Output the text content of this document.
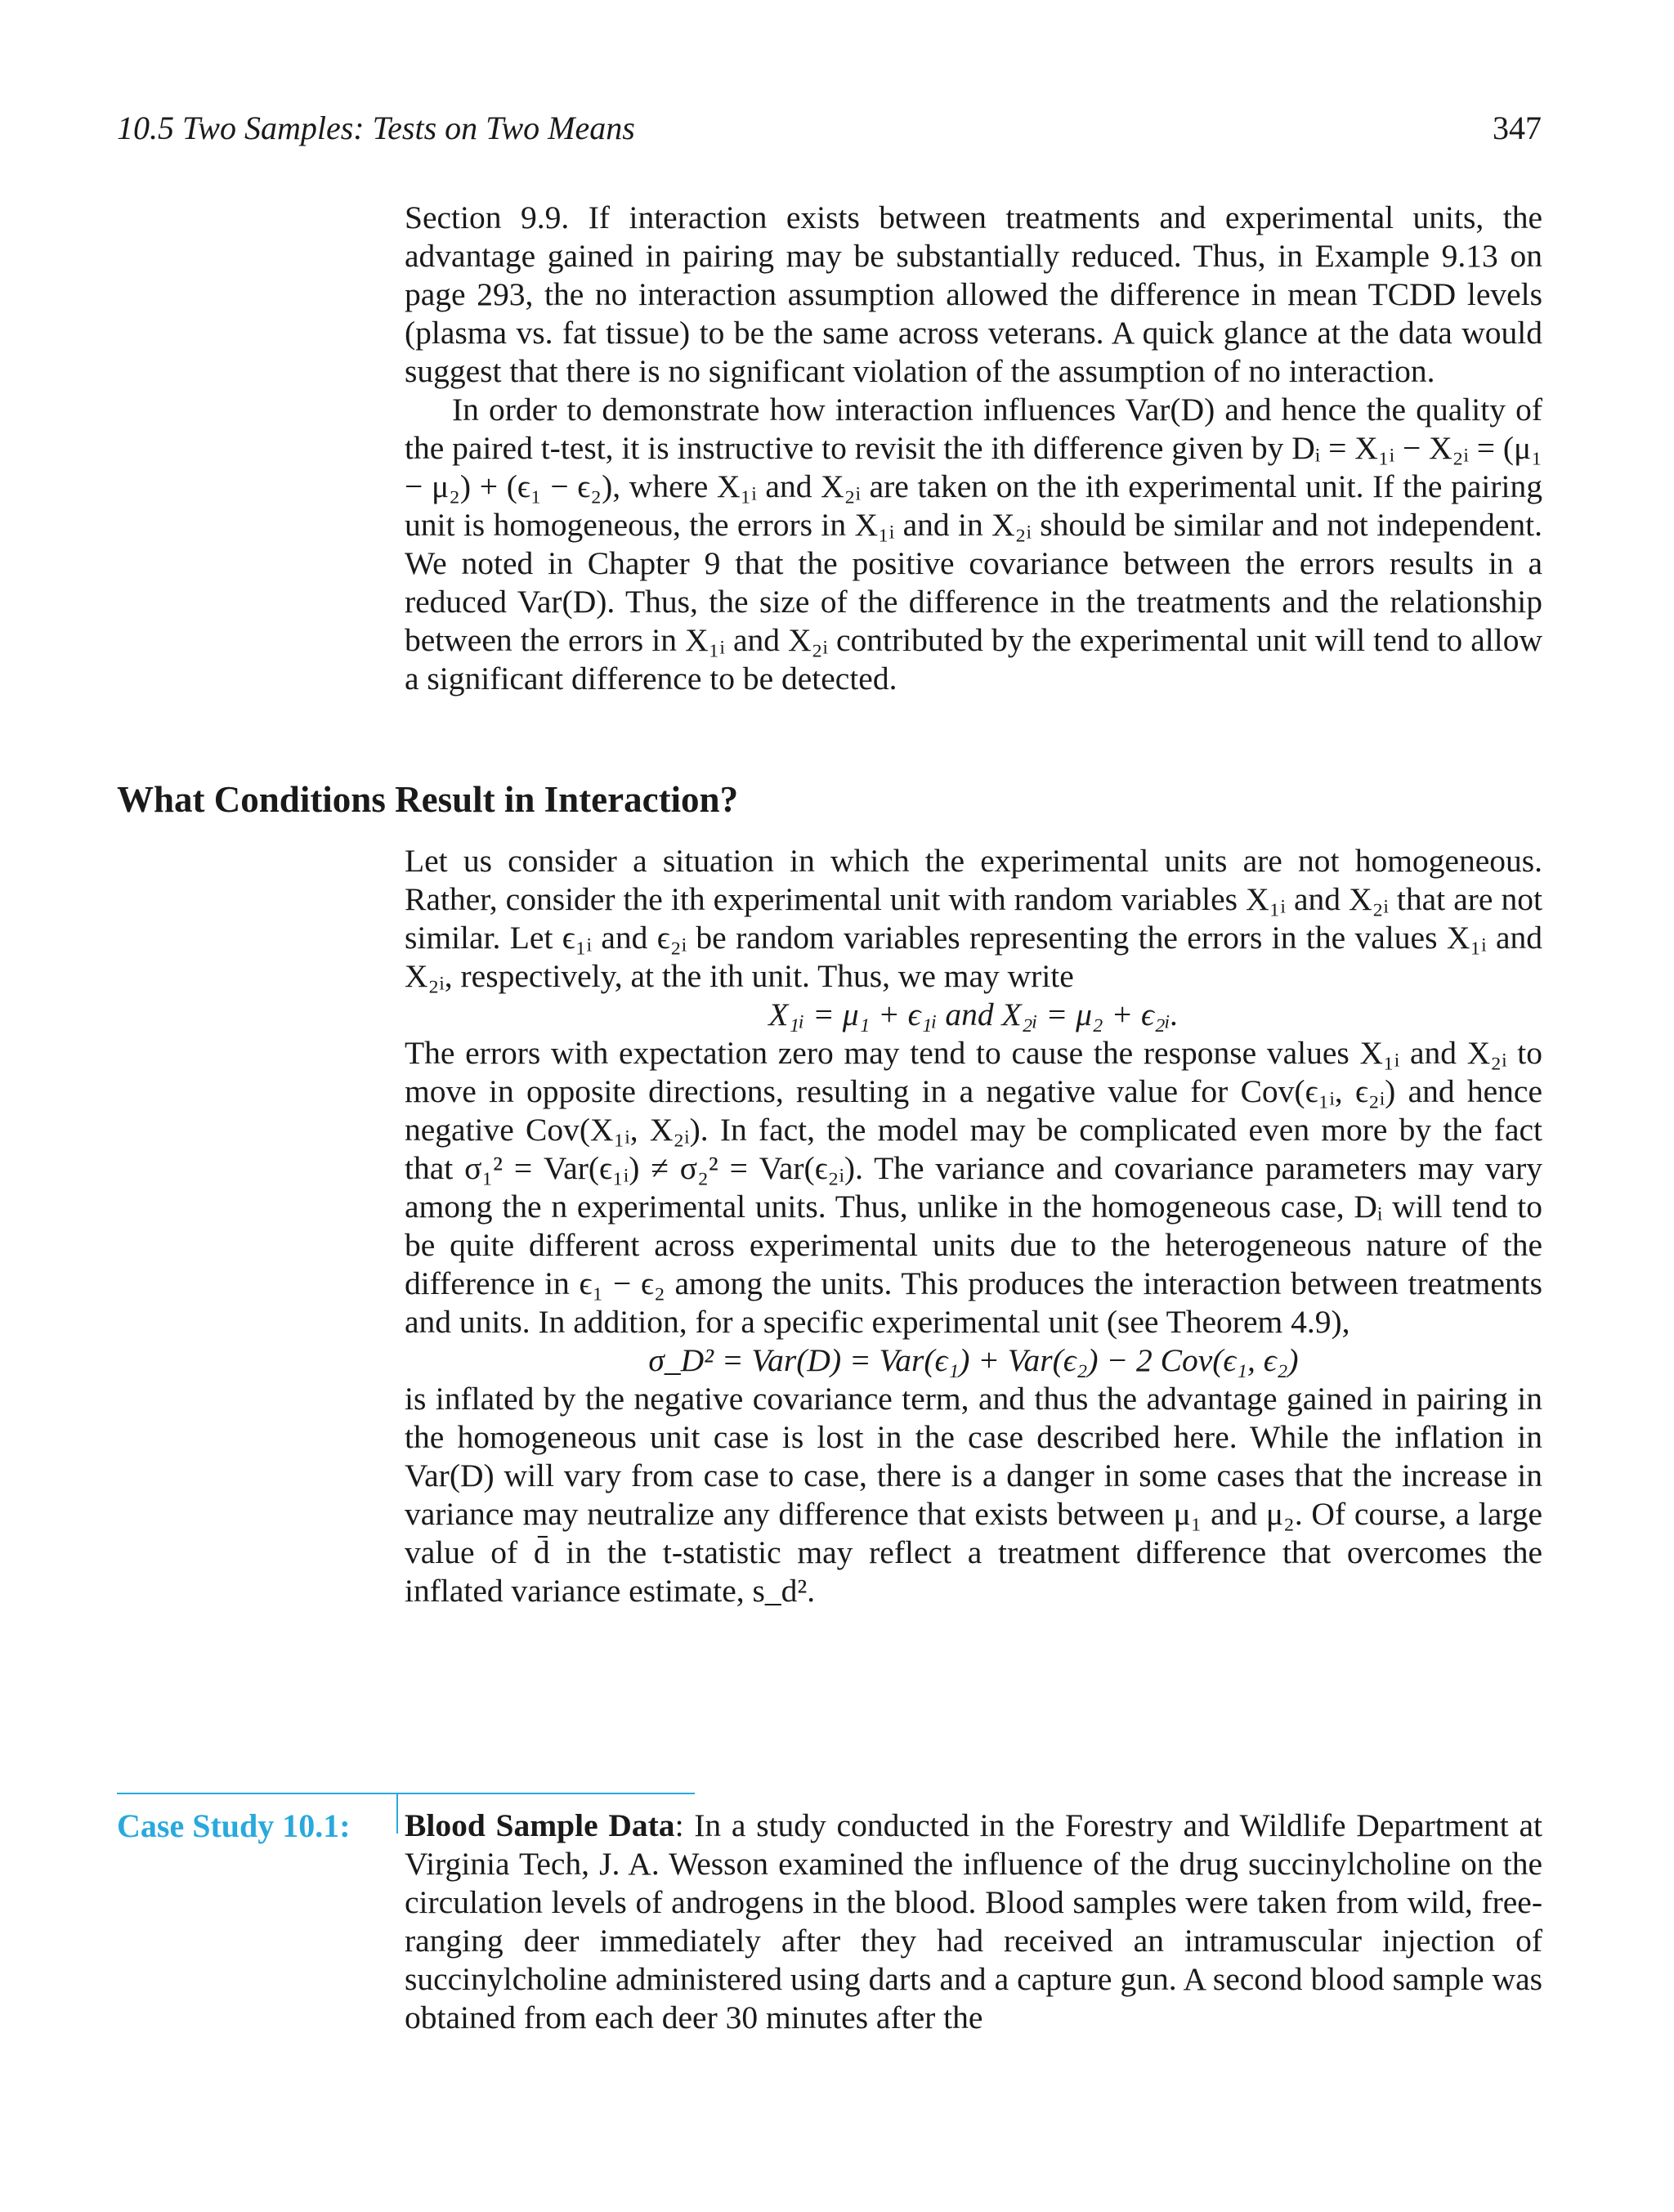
10.5 Two Samples: Tests on Two Means	347

Section 9.9. If interaction exists between treatments and experimental units, the advantage gained in pairing may be substantially reduced. Thus, in Example 9.13 on page 293, the no interaction assumption allowed the difference in mean TCDD levels (plasma vs. fat tissue) to be the same across veterans. A quick glance at the data would suggest that there is no significant violation of the assumption of no interaction.

In order to demonstrate how interaction influences Var(D) and hence the quality of the paired t-test, it is instructive to revisit the ith difference given by Dᵢ = X₁ᵢ − X₂ᵢ = (μ₁ − μ₂) + (ϵ₁ − ϵ₂), where X₁ᵢ and X₂ᵢ are taken on the ith experimental unit. If the pairing unit is homogeneous, the errors in X₁ᵢ and in X₂ᵢ should be similar and not independent. We noted in Chapter 9 that the positive covariance between the errors results in a reduced Var(D). Thus, the size of the difference in the treatments and the relationship between the errors in X₁ᵢ and X₂ᵢ contributed by the experimental unit will tend to allow a significant difference to be detected.

What Conditions Result in Interaction?

Let us consider a situation in which the experimental units are not homogeneous. Rather, consider the ith experimental unit with random variables X₁ᵢ and X₂ᵢ that are not similar. Let ϵ₁ᵢ and ϵ₂ᵢ be random variables representing the errors in the values X₁ᵢ and X₂ᵢ, respectively, at the ith unit. Thus, we may write

X₁ᵢ = μ₁ + ϵ₁ᵢ and X₂ᵢ = μ₂ + ϵ₂ᵢ.

The errors with expectation zero may tend to cause the response values X₁ᵢ and X₂ᵢ to move in opposite directions, resulting in a negative value for Cov(ϵ₁ᵢ, ϵ₂ᵢ) and hence negative Cov(X₁ᵢ, X₂ᵢ). In fact, the model may be complicated even more by the fact that σ₁² = Var(ϵ₁ᵢ) ≠ σ₂² = Var(ϵ₂ᵢ). The variance and covariance parameters may vary among the n experimental units. Thus, unlike in the homogeneous case, Dᵢ will tend to be quite different across experimental units due to the heterogeneous nature of the difference in ϵ₁ − ϵ₂ among the units. This produces the interaction between treatments and units. In addition, for a specific experimental unit (see Theorem 4.9),

σ_D² = Var(D) = Var(ϵ₁) + Var(ϵ₂) − 2 Cov(ϵ₁, ϵ₂)

is inflated by the negative covariance term, and thus the advantage gained in pairing in the homogeneous unit case is lost in the case described here. While the inflation in Var(D) will vary from case to case, there is a danger in some cases that the increase in variance may neutralize any difference that exists between μ₁ and μ₂. Of course, a large value of d̄ in the t-statistic may reflect a treatment difference that overcomes the inflated variance estimate, s_d².

Case Study 10.1: Blood Sample Data: In a study conducted in the Forestry and Wildlife Department at Virginia Tech, J. A. Wesson examined the influence of the drug succinylcholine on the circulation levels of androgens in the blood. Blood samples were taken from wild, free-ranging deer immediately after they had received an intramuscular injection of succinylcholine administered using darts and a capture gun. A second blood sample was obtained from each deer 30 minutes after the
